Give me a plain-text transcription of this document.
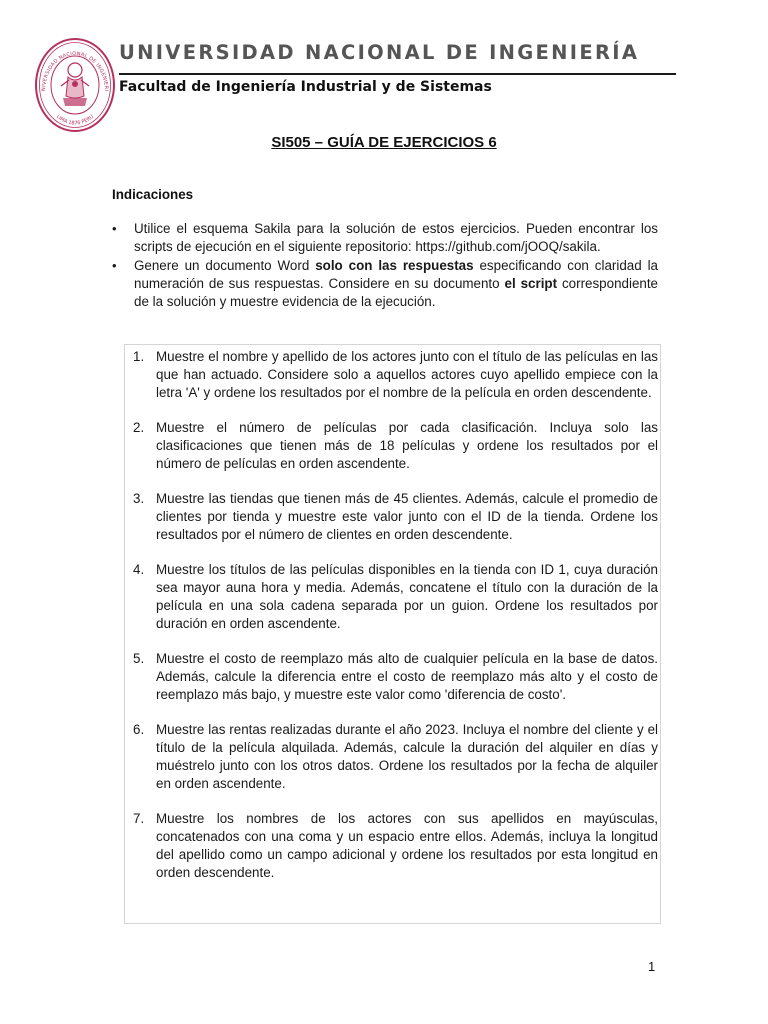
NIVERSIDAD NACIONAL DE INGENIERI
LIMA 1876 PERU
UNIVERSIDAD NACIONAL DE INGENIERÍA
Facultad de Ingeniería Industrial y de Sistemas
SI505 – GUÍA DE EJERCICIOS 6
Indicaciones
• Utilice el esquema Sakila para la solución de estos ejercicios. Pueden encontrar los scripts de ejecución en el siguiente repositorio: https://github.com/jOOQ/sakila.
• Genere un documento Word solo con las respuestas especificando con claridad la numeración de sus respuestas. Considere en su documento el script correspondiente de la solución y muestre evidencia de la ejecución.
1. Muestre el nombre y apellido de los actores junto con el título de las películas en las que han actuado. Considere solo a aquellos actores cuyo apellido empiece con la letra 'A' y ordene los resultados por el nombre de la película en orden descendente.
2. Muestre el número de películas por cada clasificación. Incluya solo las clasificaciones que tienen más de 18 películas y ordene los resultados por el número de películas en orden ascendente.
3. Muestre las tiendas que tienen más de 45 clientes. Además, calcule el promedio de clientes por tienda y muestre este valor junto con el ID de la tienda. Ordene los resultados por el número de clientes en orden descendente.
4. Muestre los títulos de las películas disponibles en la tienda con ID 1, cuya duración sea mayor auna hora y media. Además, concatene el título con la duración de la película en una sola cadena separada por un guion. Ordene los resultados por duración en orden ascendente.
5. Muestre el costo de reemplazo más alto de cualquier película en la base de datos. Además, calcule la diferencia entre el costo de reemplazo más alto y el costo de reemplazo más bajo, y muestre este valor como 'diferencia de costo'.
6. Muestre las rentas realizadas durante el año 2023. Incluya el nombre del cliente y el título de la película alquilada. Además, calcule la duración del alquiler en días y muéstrelo junto con los otros datos. Ordene los resultados por la fecha de alquiler en orden ascendente.
7. Muestre los nombres de los actores con sus apellidos en mayúsculas, concatenados con una coma y un espacio entre ellos. Además, incluya la longitud del apellido como un campo adicional y ordene los resultados por esta longitud en orden descendente.
1
